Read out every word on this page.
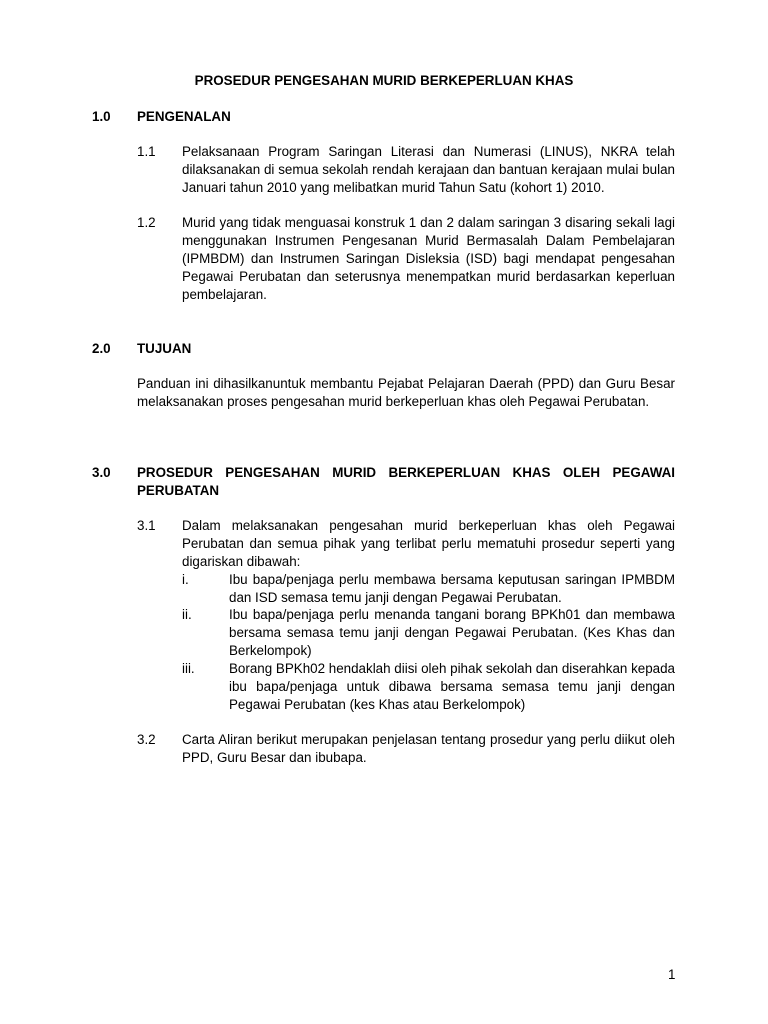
PROSEDUR PENGESAHAN MURID BERKEPERLUAN KHAS
1.0 PENGENALAN
1.1 Pelaksanaan Program Saringan Literasi dan Numerasi (LINUS), NKRA telah dilaksanakan di semua sekolah rendah kerajaan dan bantuan kerajaan mulai bulan Januari tahun 2010 yang melibatkan murid Tahun Satu (kohort 1) 2010.
1.2 Murid yang tidak menguasai konstruk 1 dan 2 dalam saringan 3 disaring sekali lagi menggunakan Instrumen Pengesanan Murid Bermasalah Dalam Pembelajaran (IPMBDM) dan Instrumen Saringan Disleksia (ISD) bagi mendapat pengesahan Pegawai Perubatan dan seterusnya menempatkan murid berdasarkan keperluan pembelajaran.
2.0 TUJUAN
Panduan ini dihasilkanuntuk membantu Pejabat Pelajaran Daerah (PPD) dan Guru Besar melaksanakan proses pengesahan murid berkeperluan khas oleh Pegawai Perubatan.
3.0 PROSEDUR PENGESAHAN MURID BERKEPERLUAN KHAS OLEH PEGAWAI PERUBATAN
3.1 Dalam melaksanakan pengesahan murid berkeperluan khas oleh Pegawai Perubatan dan semua pihak yang terlibat perlu mematuhi prosedur seperti yang digariskan dibawah:
i.	Ibu bapa/penjaga perlu membawa bersama keputusan saringan IPMBDM dan ISD semasa temu janji dengan Pegawai Perubatan.
ii.	Ibu bapa/penjaga perlu menanda tangani borang BPKh01 dan membawa bersama semasa temu janji dengan Pegawai Perubatan. (Kes Khas dan Berkelompok)
iii.	Borang BPKh02 hendaklah diisi oleh pihak sekolah dan diserahkan kepada ibu bapa/penjaga untuk dibawa bersama semasa temu janji dengan Pegawai Perubatan (kes Khas atau Berkelompok)
3.2 Carta Aliran berikut merupakan penjelasan tentang prosedur yang perlu diikut oleh PPD, Guru Besar dan ibubapa.
1
